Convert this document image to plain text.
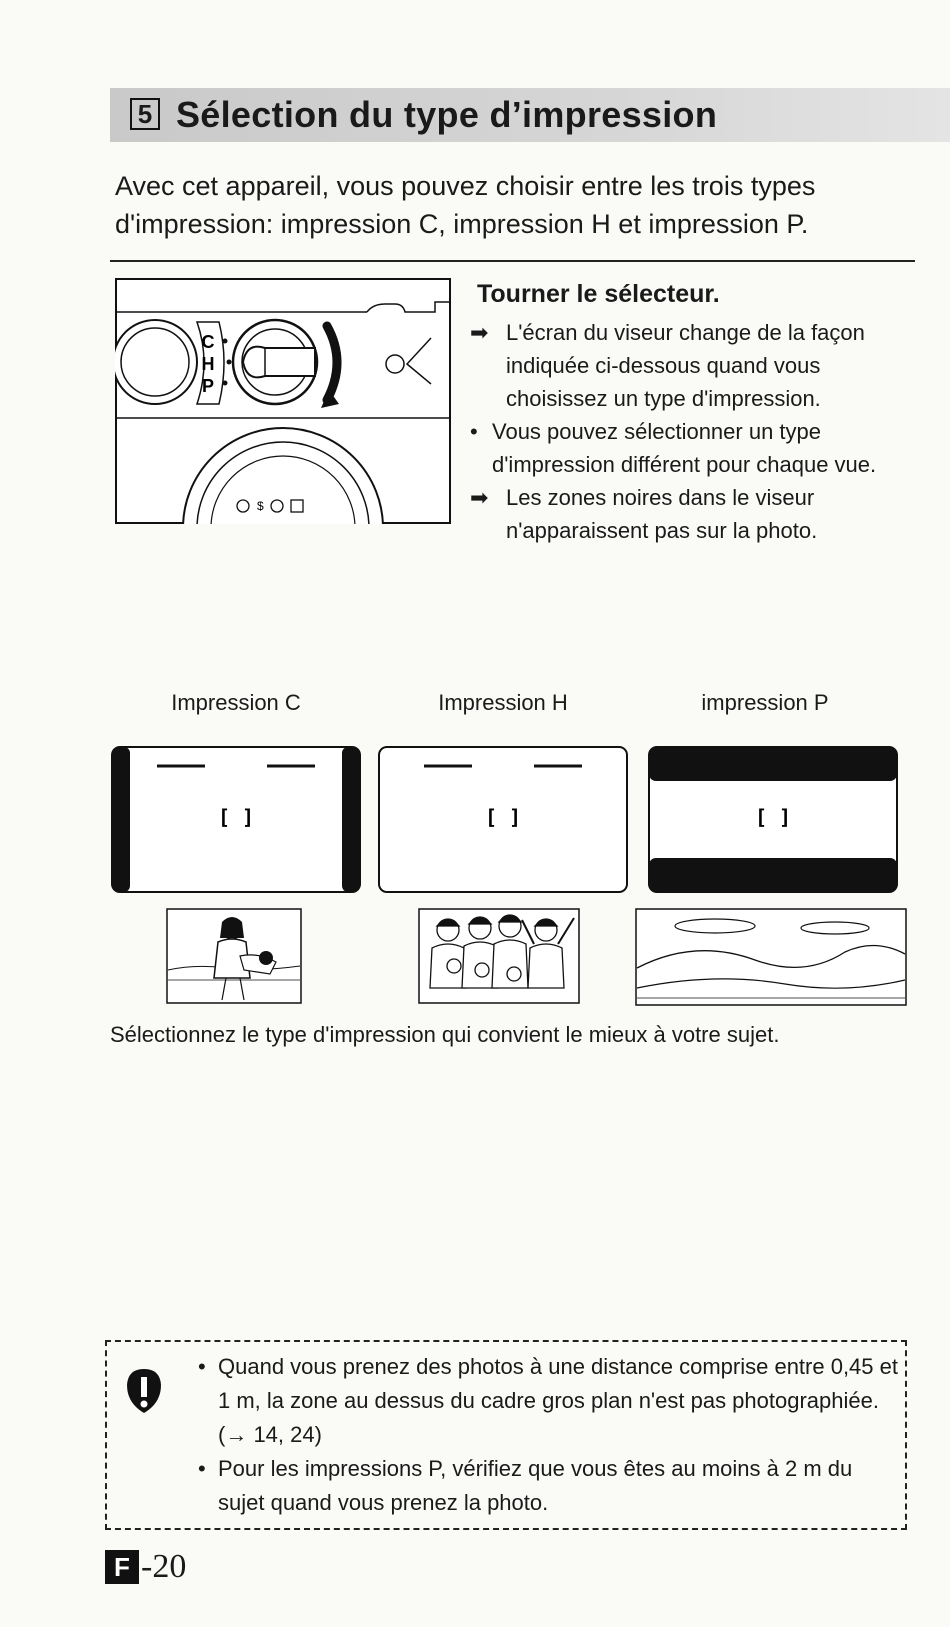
5 Sélection du type d’impression
Avec cet appareil, vous pouvez choisir entre les trois types d'impression: impression C, impression H et impression P.
C
H
P
$
Tourner le sélecteur.

➡ L'écran du viseur change de la façon indiquée ci-dessous quand vous choisissez un type d'impression.

• Vous pouvez sélectionner un type d'impression différent pour chaque vue.

➡ Les zones noires dans le viseur n'apparaissent pas sur la photo.

Impression C	Impression H	impression P
[ ]	[ ]	[ ]
Sélectionnez le type d'impression qui convient le mieux à votre sujet.

• Quand vous prenez des photos à une distance comprise entre 0,45 et 1 m, la zone au dessus du cadre gros plan n'est pas photographiée. (→ 14, 24)

• Pour les impressions P, vérifiez que vous êtes au moins à 2 m du sujet quand vous prenez la photo.

F -20
